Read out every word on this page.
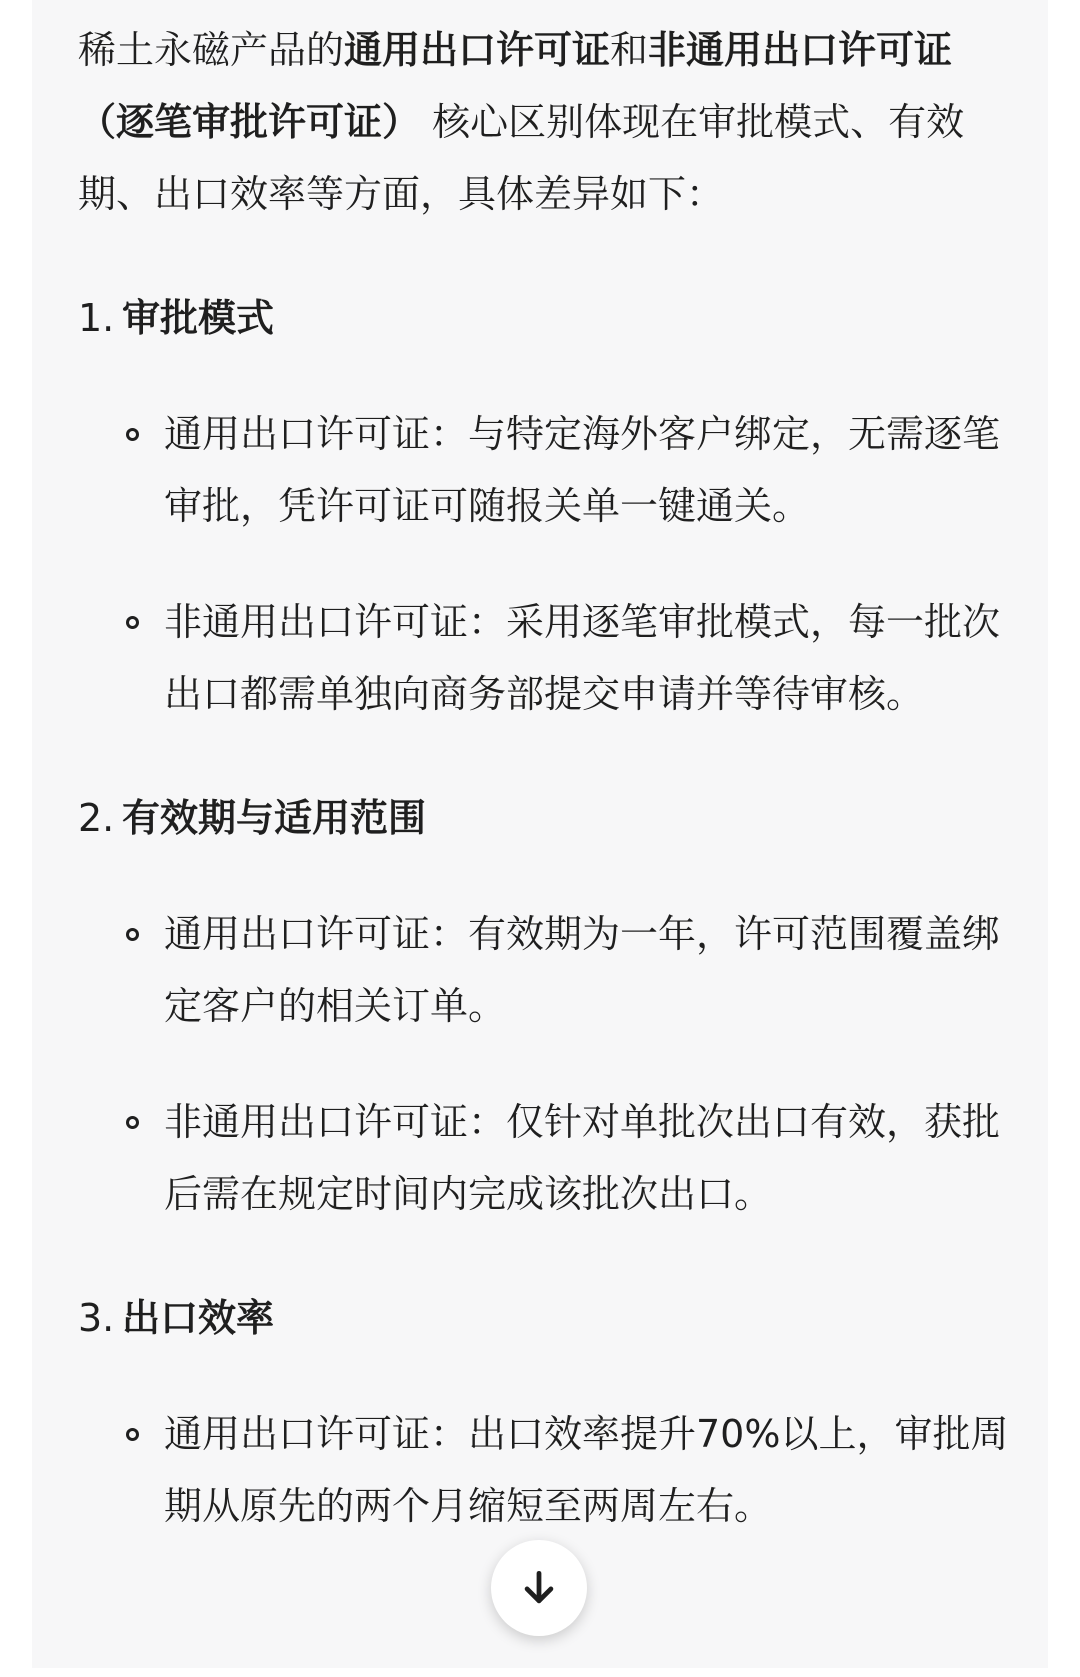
稀土永磁产品的通用出口许可证和非通用出口许可证（逐笔审批许可证） 核心区别体现在审批模式、有效期、出口效率等方面，具体差异如下：

1. 审批模式
通用出口许可证：与特定海外客户绑定，无需逐笔审批，凭许可证可随报关单一键通关。
非通用出口许可证：采用逐笔审批模式，每一批次出口都需单独向商务部提交申请并等待审核。
2. 有效期与适用范围
通用出口许可证：有效期为一年，许可范围覆盖绑定客户的相关订单。
非通用出口许可证：仅针对单批次出口有效，获批后需在规定时间内完成该批次出口。
3. 出口效率
通用出口许可证：出口效率提升70%以上，审批周期从原先的两个月缩短至两周左右。
